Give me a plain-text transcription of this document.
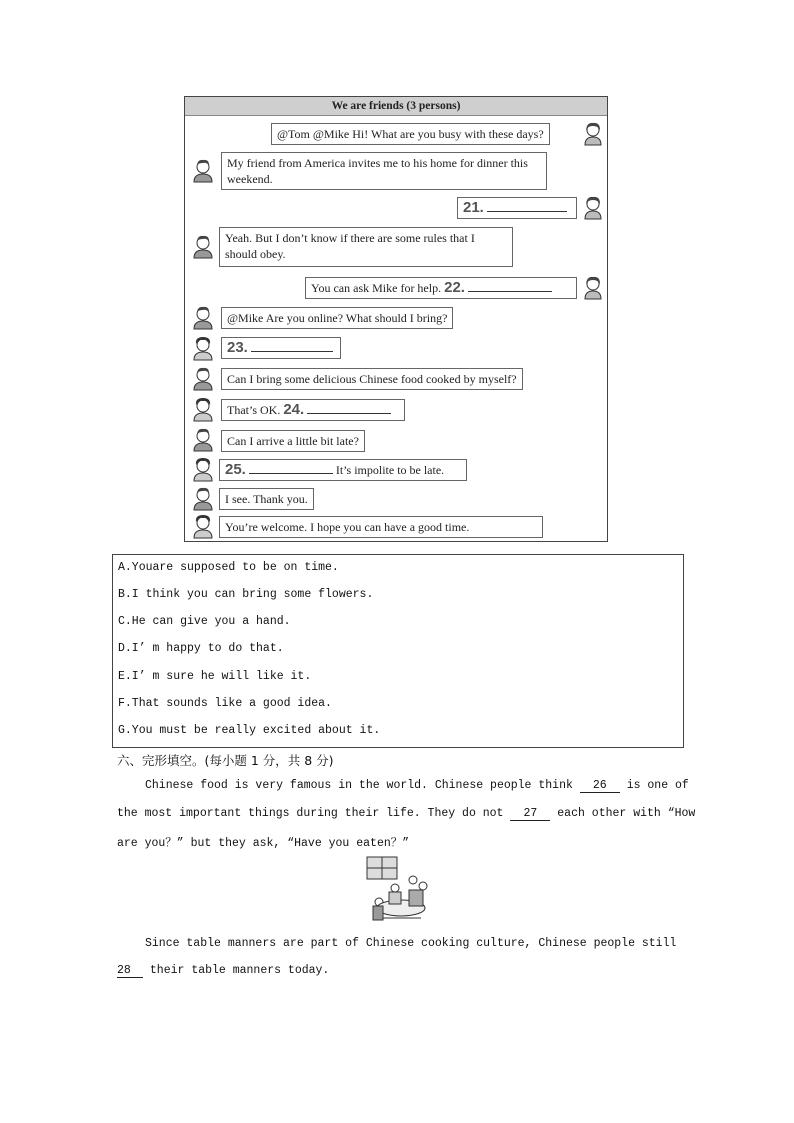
We are friends (3 persons)
@Tom @Mike Hi! What are you busy with these days?
My friend from America invites me to his home for dinner this weekend.
21.
Yeah. But I don’t know if there are some rules that I should obey.
You can ask Mike for help. 22.
@Mike Are you online? What should I bring?
23.
Can I bring some delicious Chinese food cooked by myself?
That’s OK. 24.
Can I arrive a little bit late?
25.	It’s impolite to be late.
I see. Thank you.
You’re welcome. I hope you can have a good time.
A.Youare supposed to be on time.
B.I think you can bring some flowers.
C.He can give you a hand.
D.I’ m happy to do that.
E.I’ m sure he will like it.
F.That sounds like a good idea.
G.You must be really excited about it.
六、完形填空。(每小题 1 分，共 8 分)
Chinese food is very famous in the world. Chinese people think 26 is one of
the most important things during their life. They do not 27 each other with “How
are you？” but they ask, “Have you eaten？”
Since table manners are part of Chinese cooking culture, Chinese people still
28 their table manners today.
